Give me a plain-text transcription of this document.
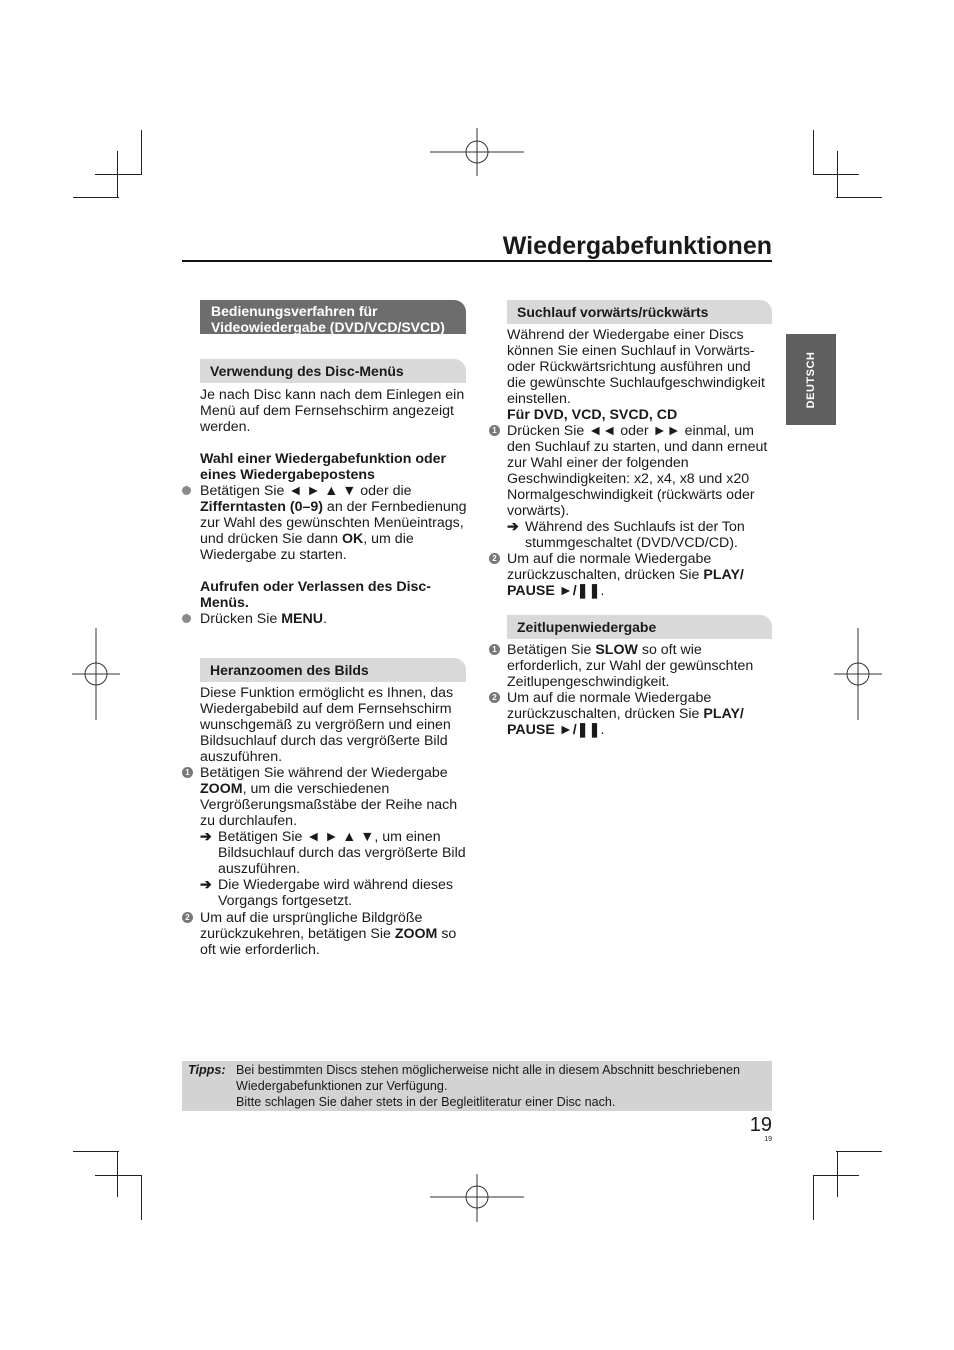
Wiedergabefunktionen
DEUTSCH
Bedienungsverfahren für Videowiedergabe (DVD/VCD/SVCD)
Verwendung des Disc-Menüs

Je nach Disc kann nach dem Einlegen ein Menü auf dem Fernsehschirm angezeigt werden.

Wahl einer Wiedergabefunktion oder eines Wiedergabepostens

Betätigen Sie ◄ ► ▲ ▼ oder die Zifferntasten (0–9) an der Fernbedienung zur Wahl des gewünschten Menüeintrags, und drücken Sie dann OK, um die Wiedergabe zu starten.

Aufrufen oder Verlassen des Disc-Menüs.

Drücken Sie MENU.
Heranzoomen des Bilds

Diese Funktion ermöglicht es Ihnen, das Wiedergabebild auf dem Fernsehschirm wunschgemäß zu vergrößern und einen Bildsuchlauf durch das vergrößerte Bild auszuführen.

1 Betätigen Sie während der Wiedergabe ZOOM, um die verschiedenen Vergrößerungsmaßstäbe der Reihe nach zu durchlaufen.
➔ Betätigen Sie ◄ ► ▲ ▼, um einen Bildsuchlauf durch das vergrößerte Bild auszuführen.
➔ Die Wiedergabe wird während dieses Vorgangs fortgesetzt.
2 Um auf die ursprüngliche Bildgröße zurückzukehren, betätigen Sie ZOOM so oft wie erforderlich.
Suchlauf vorwärts/rückwärts

Während der Wiedergabe einer Discs können Sie einen Suchlauf in Vorwärts- oder Rückwärtsrichtung ausführen und die gewünschte Suchlaufgeschwindigkeit einstellen.

Für DVD, VCD, SVCD, CD

1 Drücken Sie ◄◄ oder ►► einmal, um den Suchlauf zu starten, und dann erneut zur Wahl einer der folgenden Geschwindigkeiten: x2, x4, x8 und x20 Normalgeschwindigkeit (rückwärts oder vorwärts).
➔ Während des Suchlaufs ist der Ton stummgeschaltet (DVD/VCD/CD).
2 Um auf die normale Wiedergabe zurückzuschalten, drücken Sie PLAY/ PAUSE ►/❚❚.
Zeitlupenwiedergabe
1 Betätigen Sie SLOW so oft wie erforderlich, zur Wahl der gewünschten Zeitlupengeschwindigkeit.
2 Um auf die normale Wiedergabe zurückzuschalten, drücken Sie PLAY/ PAUSE ►/❚❚.
Tipps: Bei bestimmten Discs stehen möglicherweise nicht alle in diesem Abschnitt beschriebenen Wiedergabefunktionen zur Verfügung.
Bitte schlagen Sie daher stets in der Begleitliteratur einer Disc nach.
19
19
